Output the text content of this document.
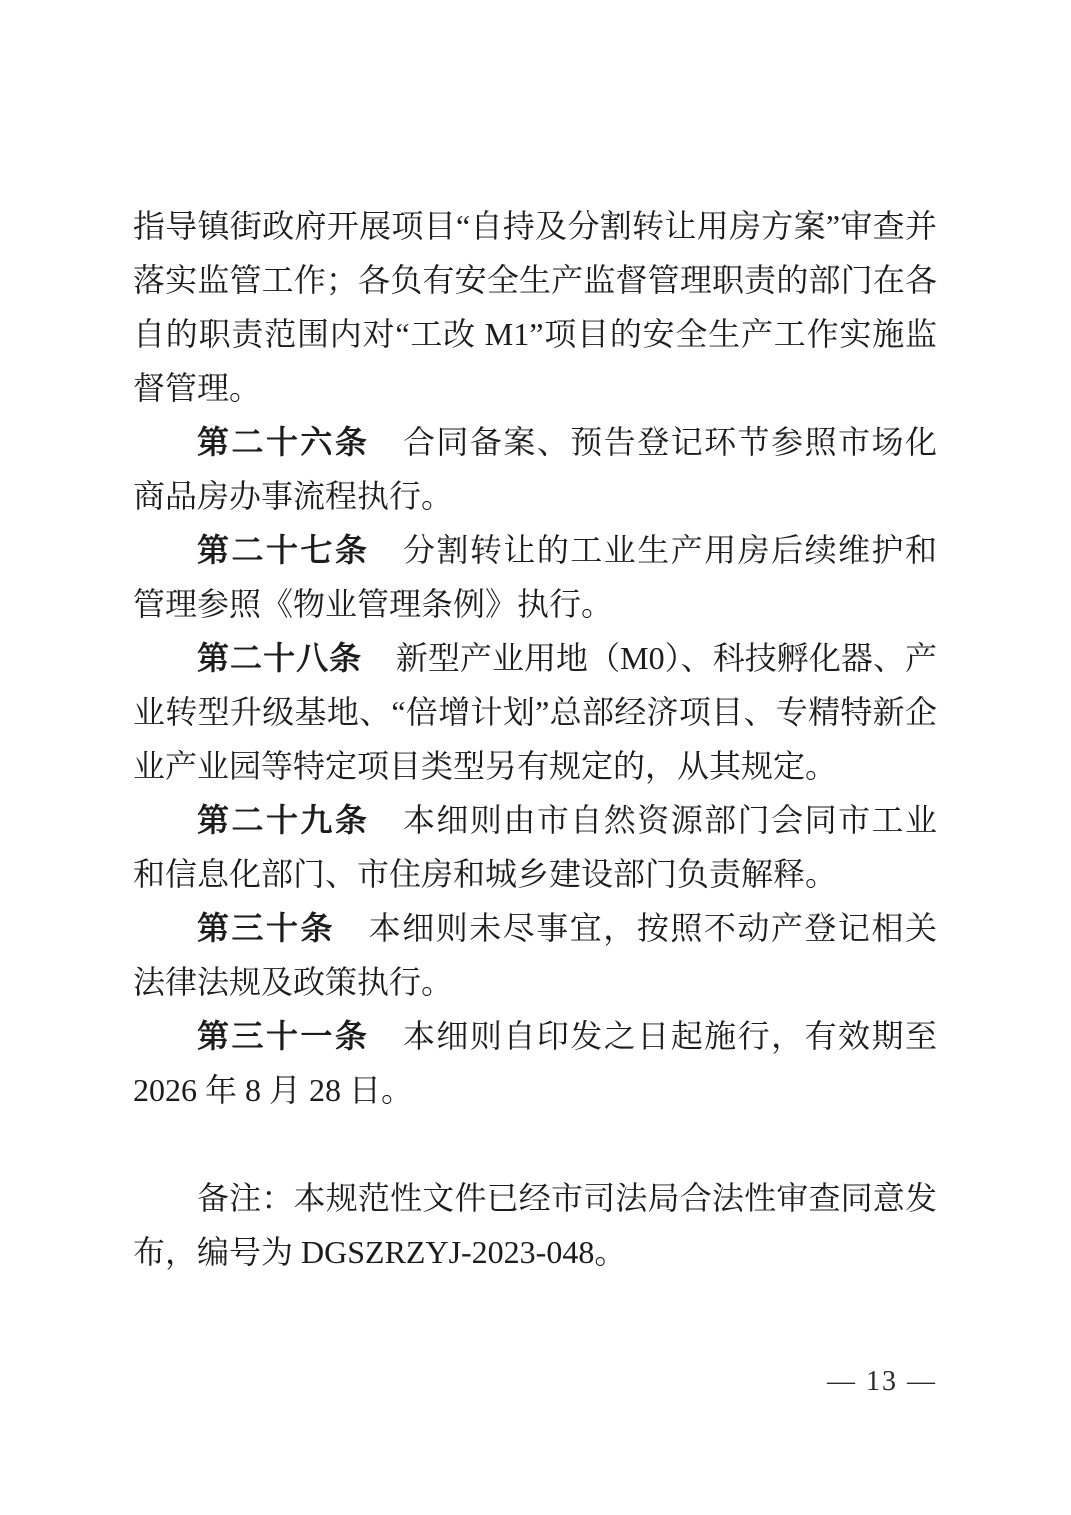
指导镇街政府开展项目“自持及分割转让用房方案”审查并落实监管工作；各负有安全生产监督管理职责的部门在各自的职责范围内对“工改 M1”项目的安全生产工作实施监督管理。

第二十六条 合同备案、预告登记环节参照市场化商品房办事流程执行。

第二十七条 分割转让的工业生产用房后续维护和管理参照《物业管理条例》执行。

第二十八条 新型产业用地（M0）、科技孵化器、产业转型升级基地、“倍增计划”总部经济项目、专精特新企业产业园等特定项目类型另有规定的，从其规定。

第二十九条 本细则由市自然资源部门会同市工业和信息化部门、市住房和城乡建设部门负责解释。

第三十条 本细则未尽事宜，按照不动产登记相关法律法规及政策执行。

第三十一条 本细则自印发之日起施行，有效期至 2026 年 8 月 28 日。

备注：本规范性文件已经市司法局合法性审查同意发布，编号为 DGSZRZYJ-2023-048。

— 13 —
